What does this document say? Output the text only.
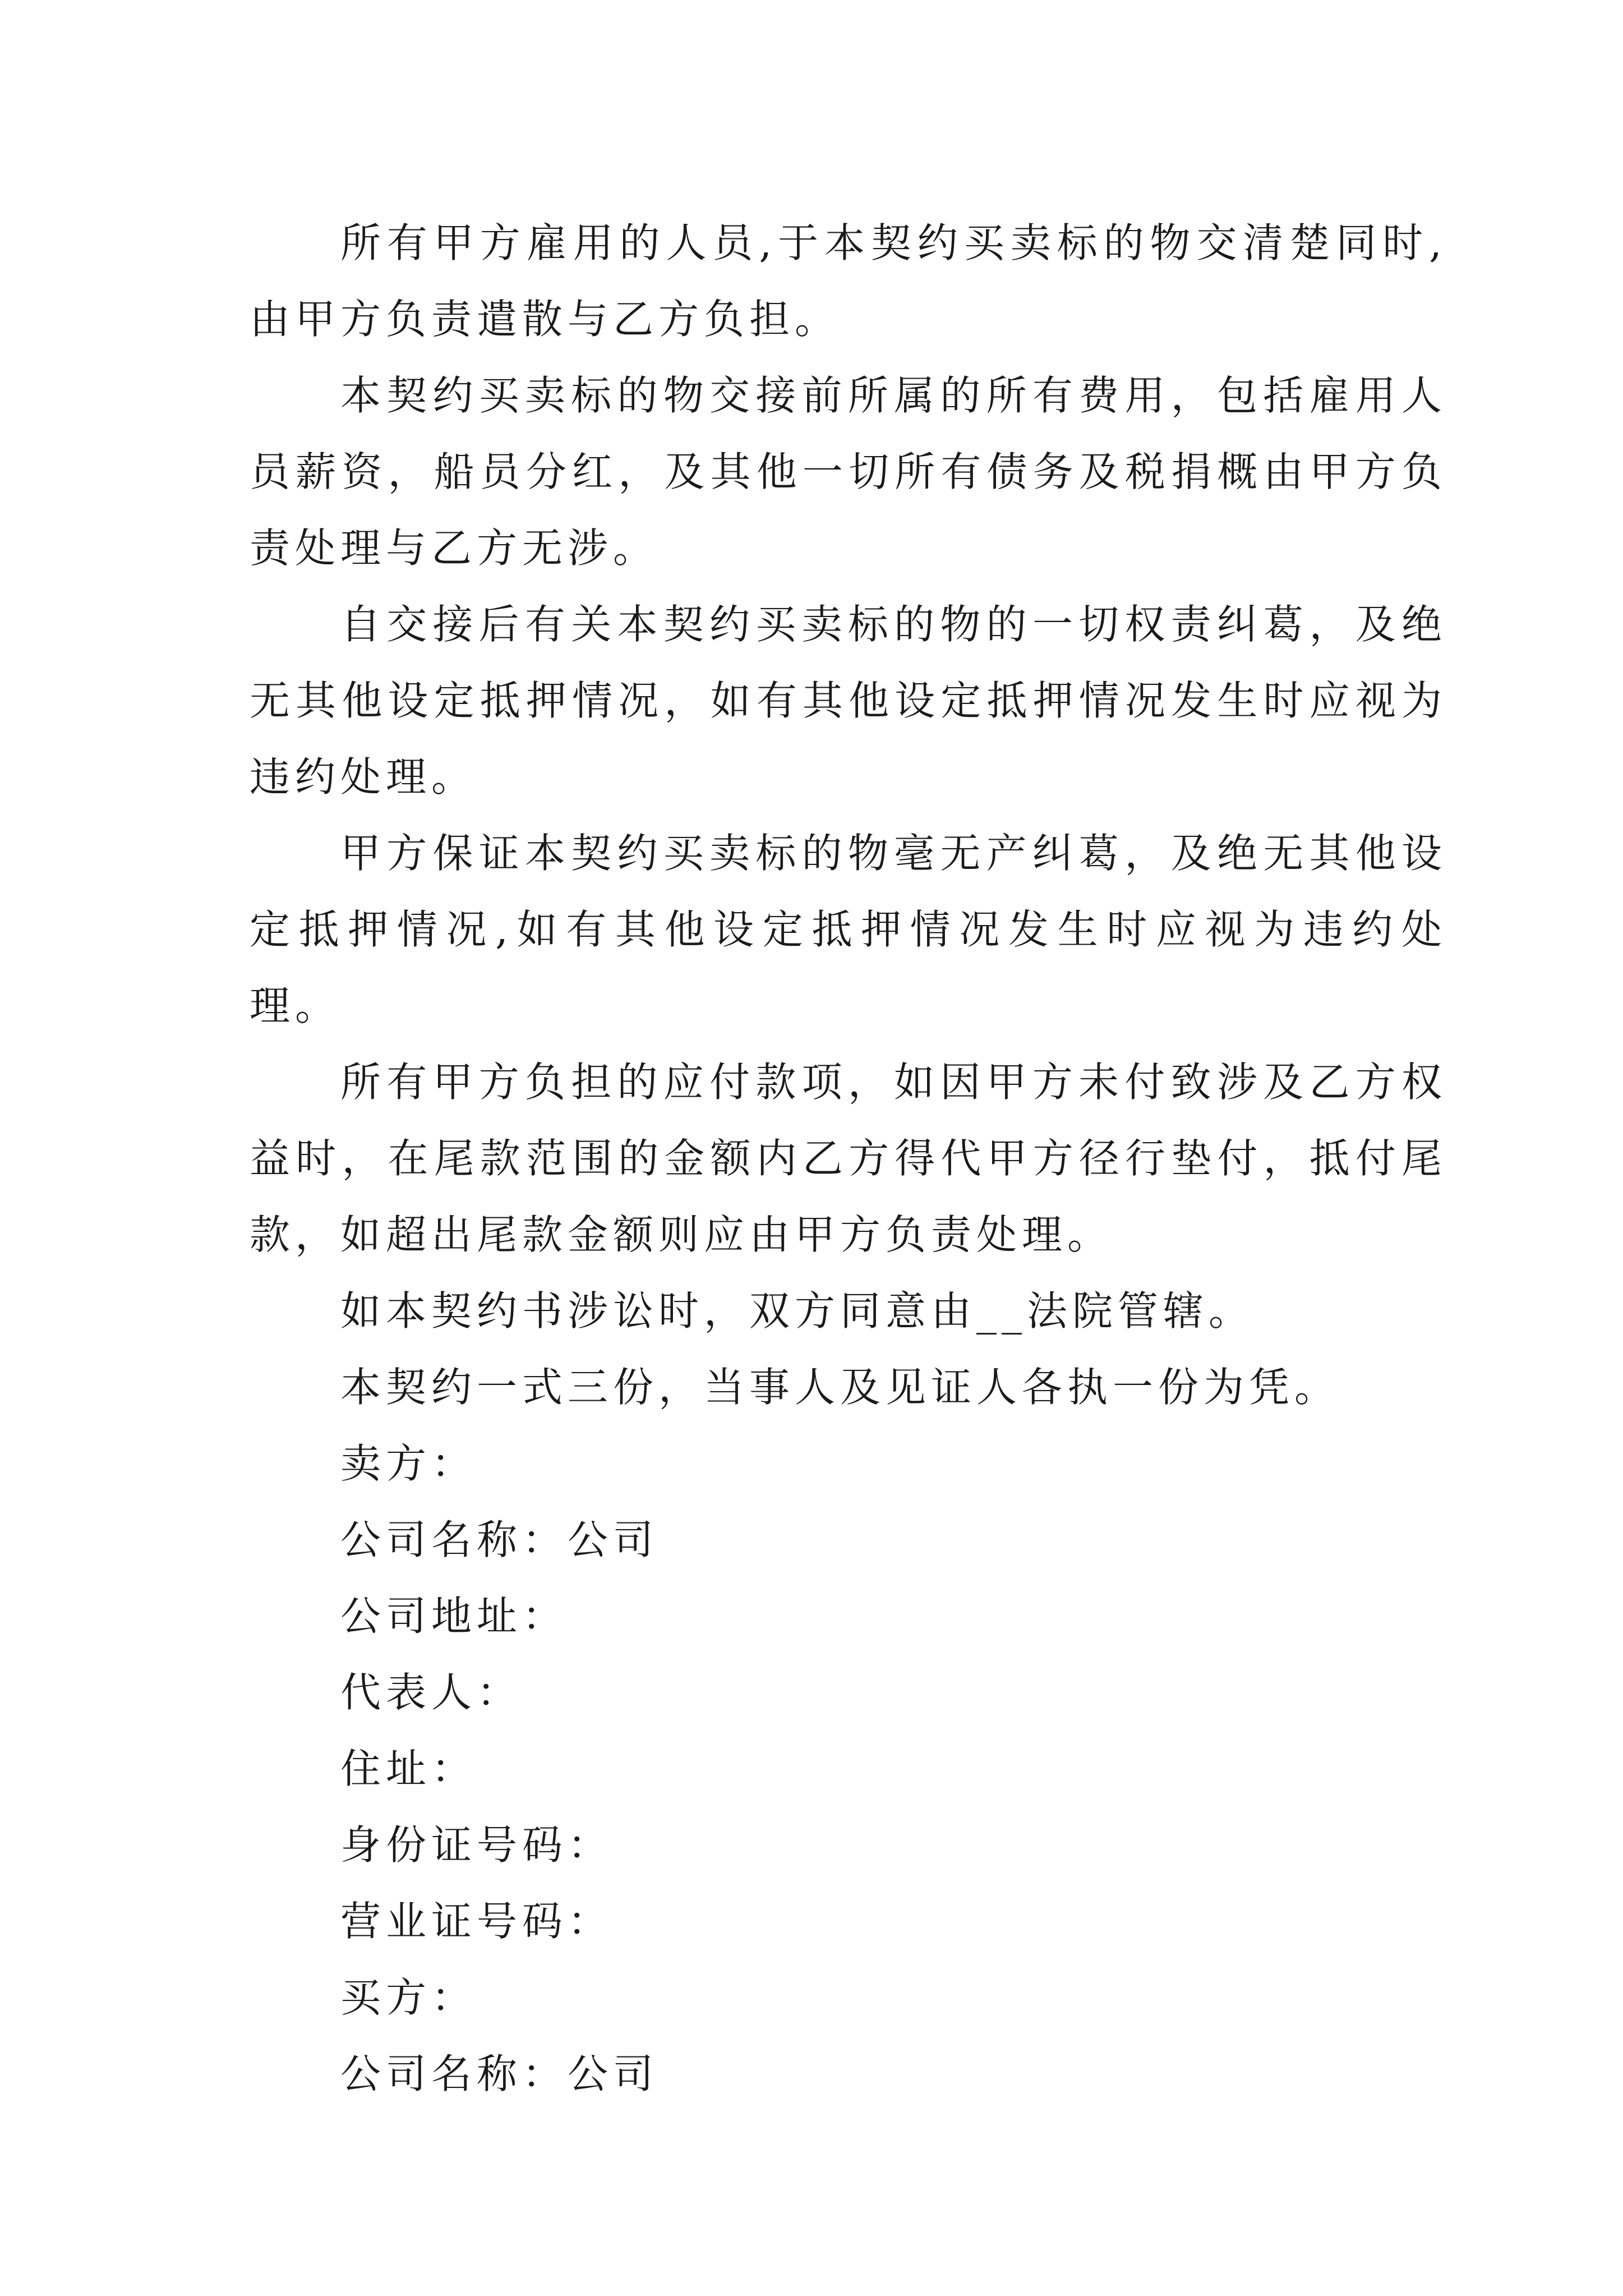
所有甲方雇用的人员,于本契约买卖标的物交清楚同时,由甲方负责遣散与乙方负担。

本契约买卖标的物交接前所属的所有费用，包括雇用人员薪资，船员分红，及其他一切所有债务及税捐概由甲方负责处理与乙方无涉。

自交接后有关本契约买卖标的物的一切权责纠葛，及绝无其他设定抵押情况，如有其他设定抵押情况发生时应视为违约处理。

甲方保证本契约买卖标的物毫无产纠葛，及绝无其他设定抵押情况,如有其他设定抵押情况发生时应视为违约处理。

所有甲方负担的应付款项，如因甲方未付致涉及乙方权益时，在尾款范围的金额内乙方得代甲方径行垫付，抵付尾款，如超出尾款金额则应由甲方负责处理。

如本契约书涉讼时，双方同意由__法院管辖。

本契约一式三份，当事人及见证人各执一份为凭。

卖方：

公司名称：公司

公司地址：

代表人：

住址：

身份证号码：

营业证号码：

买方：

公司名称：公司
